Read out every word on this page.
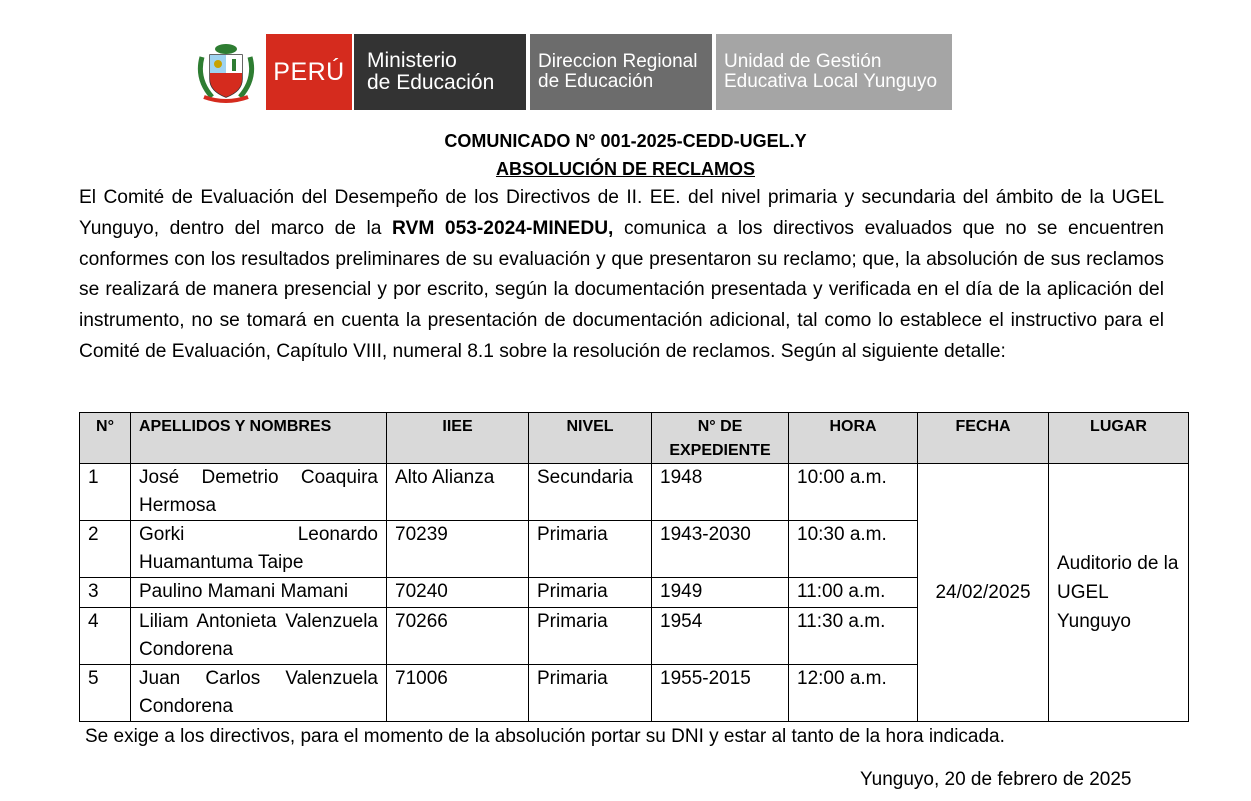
PERÚ	Ministerio
de Educación
Direccion Regional
de Educación
Unidad de Gestión
Educativa Local Yunguyo
COMUNICADO N° 001-2025-CEDD-UGEL.Y
ABSOLUCIÓN DE RECLAMOS
El Comité de Evaluación del Desempeño de los Directivos de II. EE. del nivel primaria y secundaria del ámbito de la UGEL Yunguyo, dentro del marco de la RVM 053-2024-MINEDU, comunica a los directivos evaluados que no se encuentren conformes con los resultados preliminares de su evaluación y que presentaron su reclamo; que, la absolución de sus reclamos se realizará de manera presencial y por escrito, según la documentación presentada y verificada en el día de la aplicación del instrumento, no se tomará en cuenta la presentación de documentación adicional, tal como lo establece el instructivo para el Comité de Evaluación, Capítulo VIII, numeral 8.1 sobre la resolución de reclamos. Según al siguiente detalle:
N°	APELLIDOS Y NOMBRES	IIEE	NIVEL	N° DE EXPEDIENTE	HORA	FECHA	LUGAR
1	José Demetrio Coaquira Hermosa	Alto Alianza	Secundaria	1948	10:00 a.m.	24/02/2025	Auditorio de la UGEL Yunguyo
2	Gorki Leonardo Huamantuma Taipe	70239	Primaria	1943-2030	10:30 a.m.		
3	Paulino Mamani Mamani	70240	Primaria	1949	11:00 a.m.		
4	Liliam Antonieta Valenzuela Condorena	70266	Primaria	1954	11:30 a.m.		
5	Juan Carlos Valenzuela Condorena	71006	Primaria	1955-2015	12:00 a.m.		
Se exige a los directivos, para el momento de la absolución portar su DNI y estar al tanto de la hora indicada.
Yunguyo, 20 de febrero de 2025
